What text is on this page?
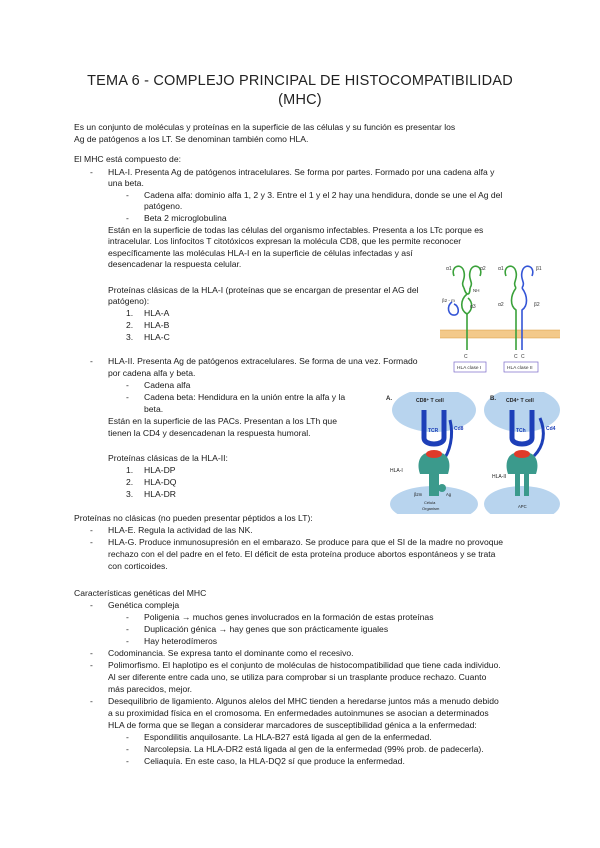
TEMA 6 - COMPLEJO PRINCIPAL DE HISTOCOMPATIBILIDAD
(MHC)
Es un conjunto de moléculas y proteínas en la superficie de las células y su función es presentar los
Ag de patógenos a los LT. Se denominan también como HLA.
El MHC está compuesto de:
- HLA-I. Presenta Ag de patógenos intracelulares. Se forma por partes. Formado por una cadena alfa y
una beta.
- Cadena alfa: dominio alfa 1, 2 y 3. Entre el 1 y el 2 hay una hendidura, donde se une el Ag del
patógeno.
- Beta 2 microglobulina
Están en la superficie de todas las células del organismo infectables. Presenta a los LTc porque es
intracelular. Los linfocitos T citotóxicos expresan la molécula CD8, que les permite reconocer
específicamente las moléculas HLA-I en la superficie de células infectadas y así
desencadenar la respuesta celular.
Proteínas clásicas de la HLA-I (proteínas que se encargan de presentar el AG del
patógeno):
1. HLA-A
2. HLA-B
3. HLA-C
- HLA-II. Presenta Ag de patógenos extracelulares. Se forma de una vez. Formado
por cadena alfa y beta.
- Cadena alfa
- Cadena beta: Hendidura en la unión entre la alfa y la
beta.
Están en la superficie de las PACs. Presentan a los LTh que
tienen la CD4 y desencadenan la respuesta humoral.
Proteínas clásicas de la HLA-II:
1. HLA-DP
2. HLA-DQ
3. HLA-DR
Proteínas no clásicas (no pueden presentar péptidos a los LT):
- HLA-E. Regula la actividad de las NK.
- HLA-G. Produce inmunosupresión en el embarazo. Se produce para que el SI de la madre no provoque
rechazo con el del padre en el feto. El déficit de esta proteína produce abortos espontáneos y se trata
con corticoides.
Características genéticas del MHC
- Genética compleja
- Poligenia → muchos genes involucrados en la formación de estas proteínas
- Duplicación génica → hay genes que son prácticamente iguales
- Hay heterodímeros
- Codominancia. Se expresa tanto el dominante como el recesivo.
- Polimorfismo. El haplotipo es el conjunto de moléculas de histocompatibilidad que tiene cada individuo.
Al ser diferente entre cada uno, se utiliza para comprobar si un trasplante produce rechazo. Cuanto
más parecidos, mejor.
- Desequilibrio de ligamiento. Algunos alelos del MHC tienden a heredarse juntos más a menudo debido
a su proximidad física en el cromosoma. En enfermedades autoinmunes se asocian a determinados
HLA de forma que se llegan a considerar marcadores de susceptibilidad génica a la enfermedad:
- Espondilitis anquilosante. La HLA-B27 está ligada al gen de la enfermedad.
- Narcolepsia. La HLA-DR2 está ligada al gen de la enfermedad (99% prob. de padecerla).
- Celiaquía. En este caso, la HLA-DQ2 sí que produce la enfermedad.
α1	α2 α1	β1
NH
β2 - m
α3	α2	β2
C	C C
HLA clase I	HLA clase II
A.	CD8⁺ T cell
TCR	Cd8
HLA-I
β2m	Ag
Célula
Organism
B. CD4⁺ T cell
TCh	Cd4
HLA-II
APC
